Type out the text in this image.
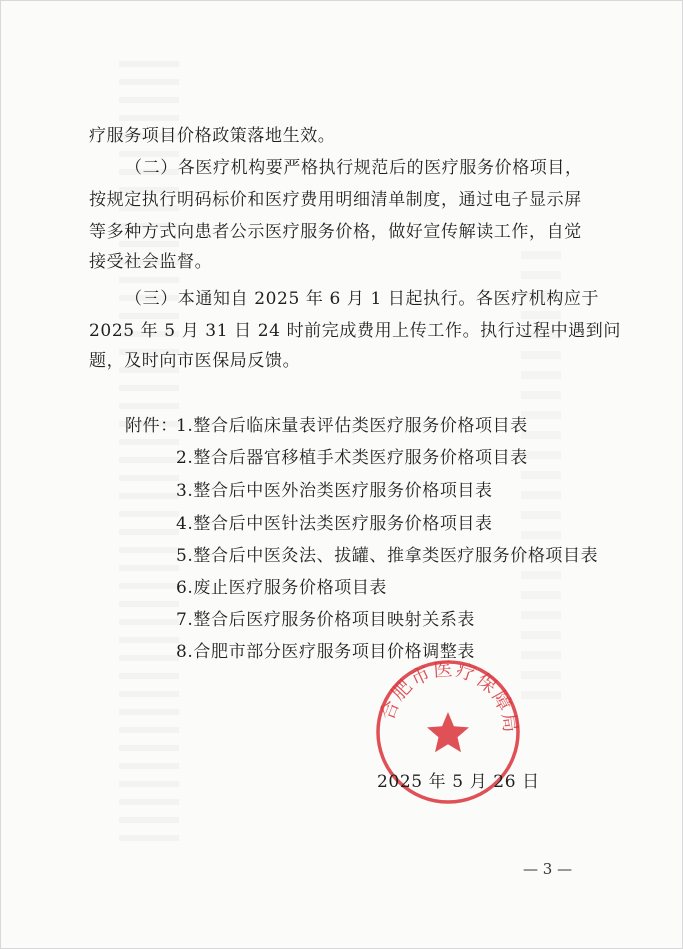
疗服务项目价格政策落地生效。
（二）各医疗机构要严格执行规范后的医疗服务价格项目，
按规定执行明码标价和医疗费用明细清单制度，通过电子显示屏
等多种方式向患者公示医疗服务价格，做好宣传解读工作，自觉
接受社会监督。
（三）本通知自 2025 年 6 月 1 日起执行。各医疗机构应于
2025 年 5 月 31 日 24 时前完成费用上传工作。执行过程中遇到问
题，及时向市医保局反馈。
附件：
1.整合后临床量表评估类医疗服务价格项目表
2.整合后器官移植手术类医疗服务价格项目表
3.整合后中医外治类医疗服务价格项目表
4.整合后中医针法类医疗服务价格项目表
5.整合后中医灸法、拔罐、推拿类医疗服务价格项目表
6.废止医疗服务价格项目表
7.整合后医疗服务价格项目映射关系表
8.合肥市部分医疗服务项目价格调整表
合肥市医疗保障局
2025 年 5 月 26 日
— 3 —
